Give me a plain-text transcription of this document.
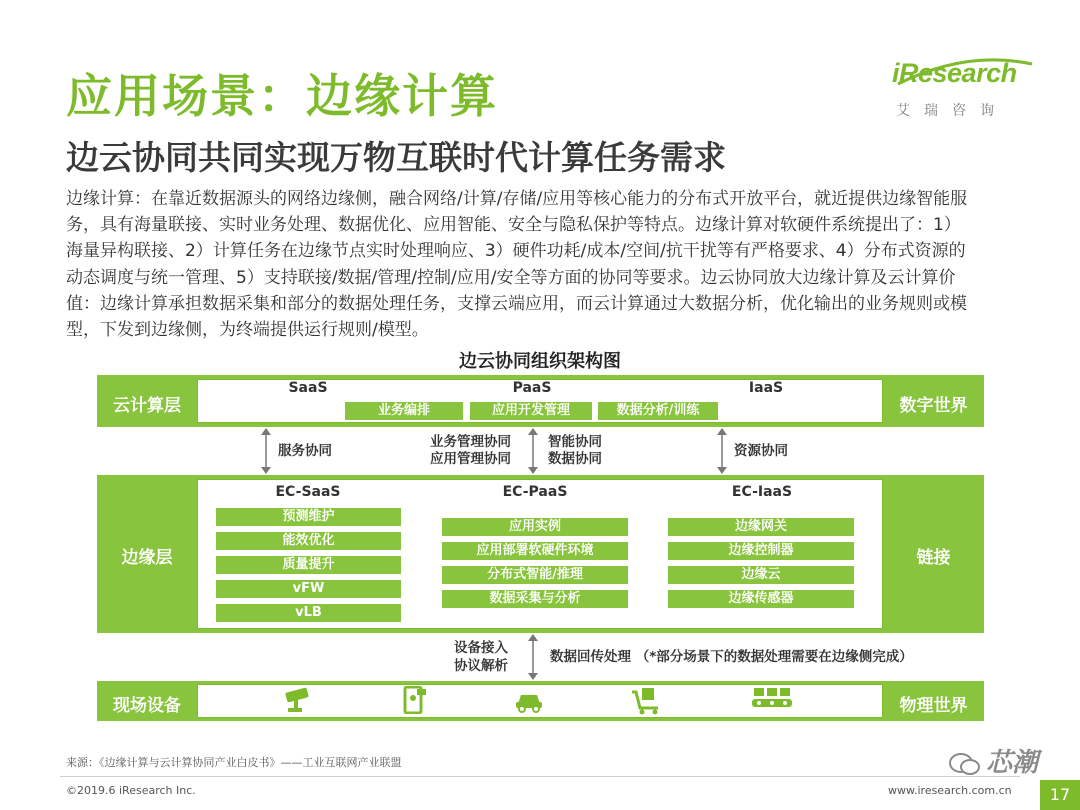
应用场景：边缘计算
边云协同共同实现万物互联时代计算任务需求
iResearch
艾瑞咨询
边缘计算：在靠近数据源头的网络边缘侧，融合网络/计算/存储/应用等核心能力的分布式开放平台，就近提供边缘智能服
务，具有海量联接、实时业务处理、数据优化、应用智能、安全与隐私保护等特点。边缘计算对软硬件系统提出了：1）
海量异构联接、2）计算任务在边缘节点实时处理响应、3）硬件功耗/成本/空间/抗干扰等有严格要求、4）分布式资源的
动态调度与统一管理、5）支持联接/数据/管理/控制/应用/安全等方面的协同等要求。边云协同放大边缘计算及云计算价
值：边缘计算承担数据采集和部分的数据处理任务，支撑云端应用，而云计算通过大数据分析，优化输出的业务规则或模
型，下发到边缘侧，为终端提供运行规则/模型。
边云协同组织架构图
云计算层	数字世界
SaaS	PaaS	IaaS
业务编排	应用开发管理	数据分析/训练
服务协同
业务管理协同
应用管理协同
智能协同
数据协同	资源协同
边缘层	链接
EC-SaaS	EC-PaaS	EC-IaaS
预测维护
能效优化
质量提升
vFW
vLB
应用实例
应用部署软硬件环境
分布式智能/推理
数据采集与分析
边缘网关
边缘控制器
边缘云
边缘传感器
设备接入
协议解析
数据回传处理 （*部分场景下的数据处理需要在边缘侧完成）
现场设备	物理世界
来源：《边缘计算与云计算协同产业白皮书》——工业互联网产业联盟
©2019.6 iResearch Inc.	www.iresearch.com.cn	17
芯潮
